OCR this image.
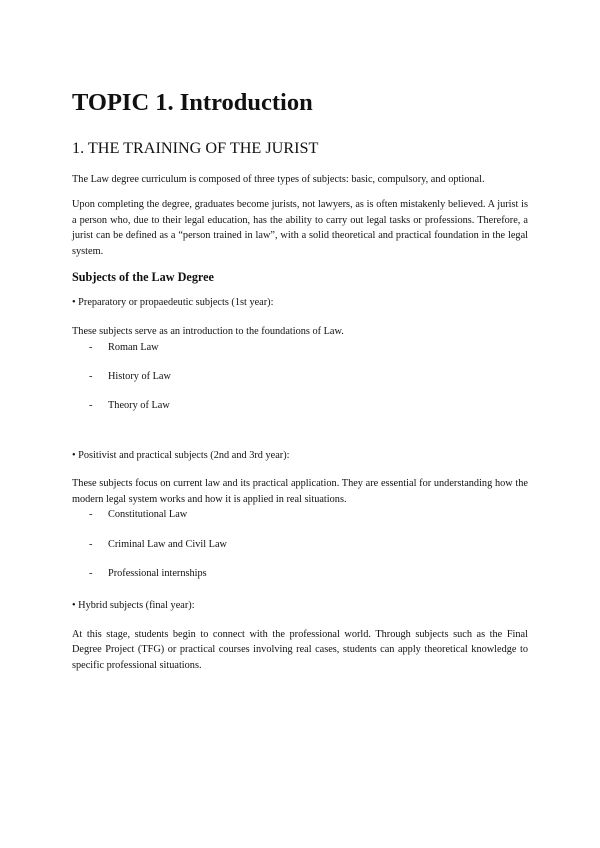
TOPIC 1. Introduction
1. THE TRAINING OF THE JURIST

The Law degree curriculum is composed of three types of subjects: basic, compulsory, and optional.

Upon completing the degree, graduates become jurists, not lawyers, as is often mistakenly believed. A jurist is a person who, due to their legal education, has the ability to carry out legal tasks or professions. Therefore, a jurist can be defined as a “person trained in law”, with a solid theoretical and practical foundation in the legal system.

Subjects of the Law Degree

• Preparatory or propaedeutic subjects (1st year):

These subjects serve as an introduction to the foundations of Law.

- Roman Law
- History of Law
- Theory of Law

• Positivist and practical subjects (2nd and 3rd year):

These subjects focus on current law and its practical application. They are essential for understanding how the modern legal system works and how it is applied in real situations.

- Constitutional Law
- Criminal Law and Civil Law
- Professional internships

• Hybrid subjects (final year):

At this stage, students begin to connect with the professional world. Through subjects such as the Final Degree Project (TFG) or practical courses involving real cases, students can apply theoretical knowledge to specific professional situations.
